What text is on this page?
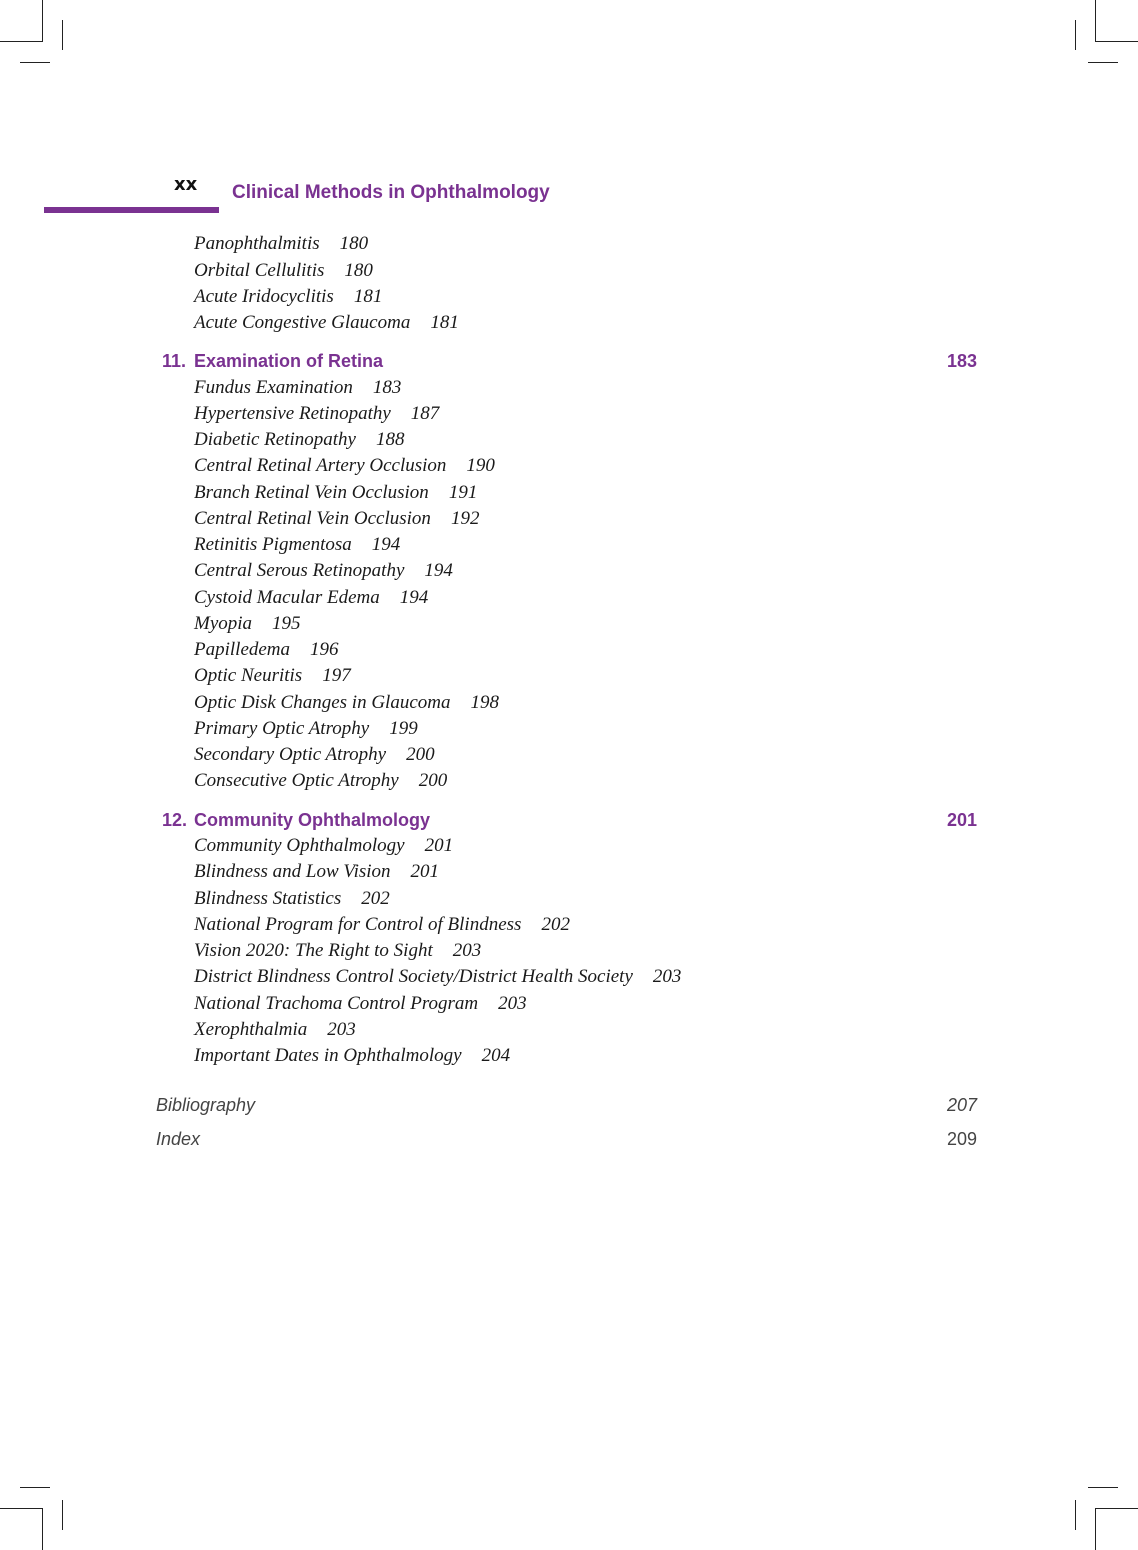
xx Clinical Methods in Ophthalmology
Panophthalmitis 180
Orbital Cellulitis 180
Acute Iridocyclitis 181
Acute Congestive Glaucoma 181
11. Examination of Retina	183
Fundus Examination 183
Hypertensive Retinopathy 187
Diabetic Retinopathy 188
Central Retinal Artery Occlusion 190
Branch Retinal Vein Occlusion 191
Central Retinal Vein Occlusion 192
Retinitis Pigmentosa 194
Central Serous Retinopathy 194
Cystoid Macular Edema 194
Myopia 195
Papilledema 196
Optic Neuritis 197
Optic Disk Changes in Glaucoma 198
Primary Optic Atrophy 199
Secondary Optic Atrophy 200
Consecutive Optic Atrophy 200
12. Community Ophthalmology	201
Community Ophthalmology 201
Blindness and Low Vision 201
Blindness Statistics 202
National Program for Control of Blindness 202
Vision 2020: The Right to Sight 203
District Blindness Control Society/District Health Society 203
National Trachoma Control Program 203
Xerophthalmia 203
Important Dates in Ophthalmology 204
Bibliography	207
Index	209
